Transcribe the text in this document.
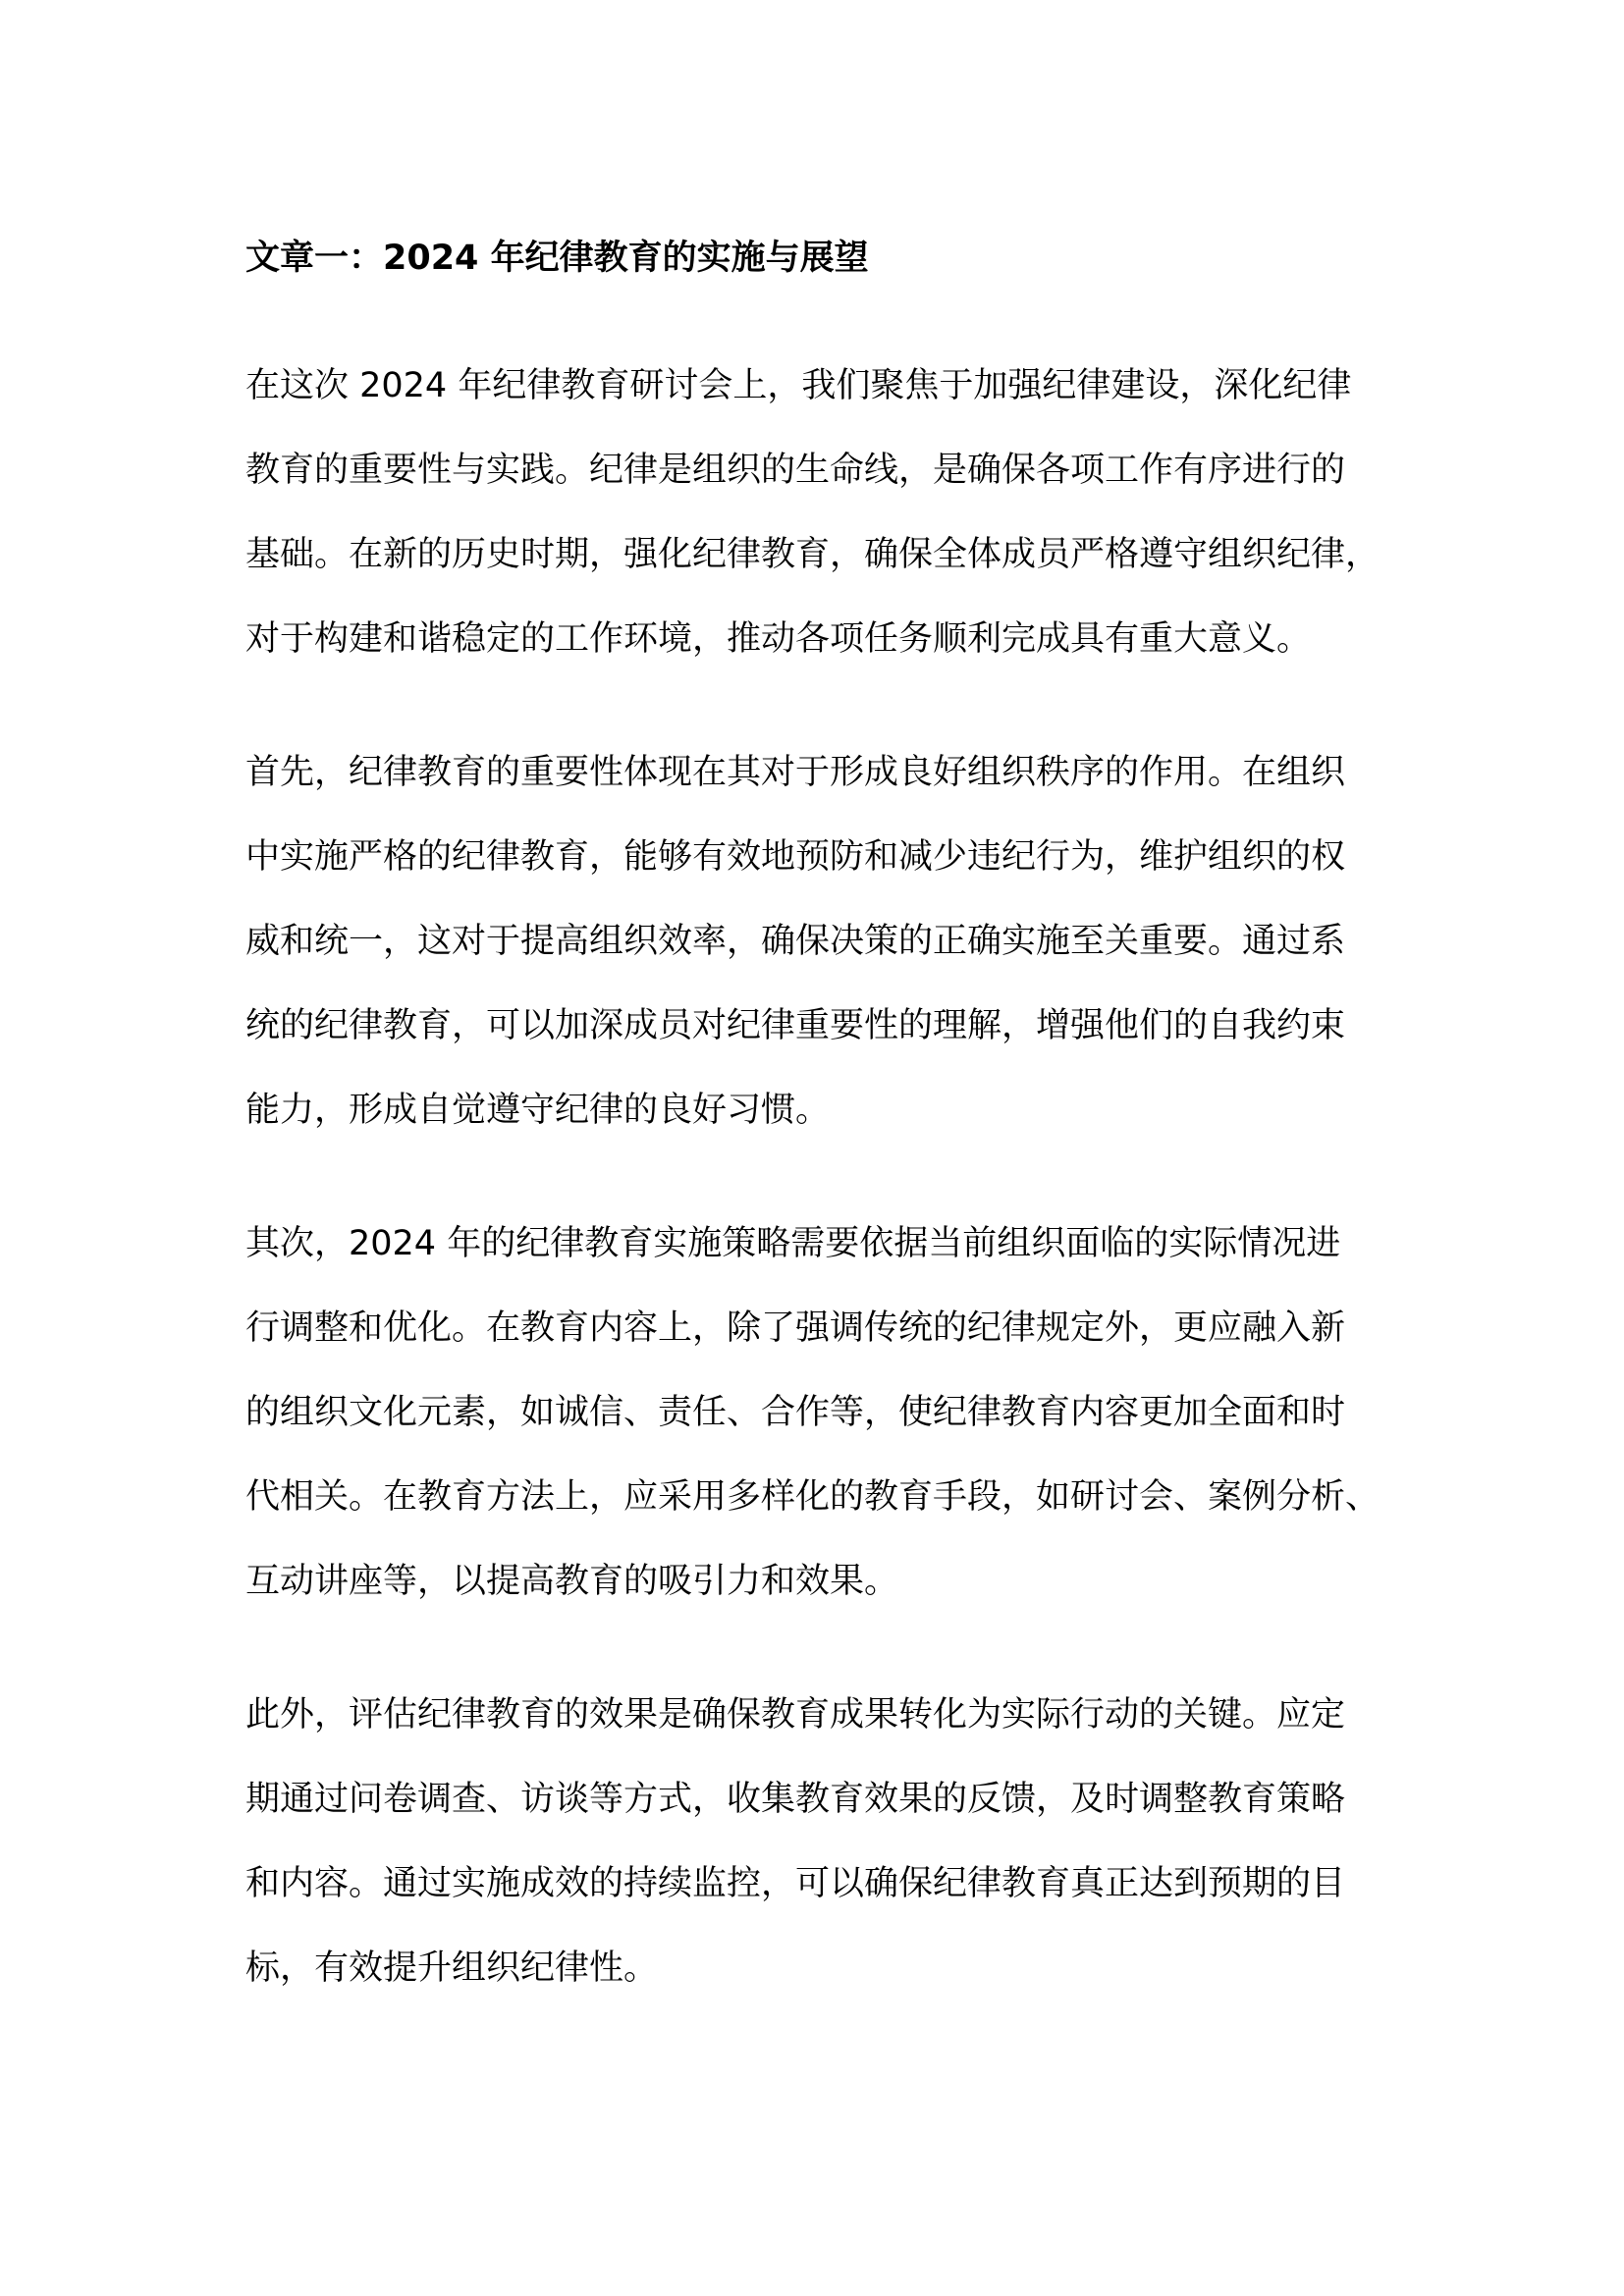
文章一：2024 年纪律教育的实施与展望

在这次 2024 年纪律教育研讨会上，我们聚焦于加强纪律建设，深化纪律
教育的重要性与实践。纪律是组织的生命线，是确保各项工作有序进行的
基础。在新的历史时期，强化纪律教育，确保全体成员严格遵守组织纪律，
对于构建和谐稳定的工作环境，推动各项任务顺利完成具有重大意义。

首先，纪律教育的重要性体现在其对于形成良好组织秩序的作用。在组织
中实施严格的纪律教育，能够有效地预防和减少违纪行为，维护组织的权
威和统一，这对于提高组织效率，确保决策的正确实施至关重要。通过系
统的纪律教育，可以加深成员对纪律重要性的理解，增强他们的自我约束
能力，形成自觉遵守纪律的良好习惯。

其次，2024 年的纪律教育实施策略需要依据当前组织面临的实际情况进
行调整和优化。在教育内容上，除了强调传统的纪律规定外，更应融入新
的组织文化元素，如诚信、责任、合作等，使纪律教育内容更加全面和时
代相关。在教育方法上，应采用多样化的教育手段，如研讨会、案例分析、
互动讲座等，以提高教育的吸引力和效果。

此外，评估纪律教育的效果是确保教育成果转化为实际行动的关键。应定
期通过问卷调查、访谈等方式，收集教育效果的反馈，及时调整教育策略
和内容。通过实施成效的持续监控，可以确保纪律教育真正达到预期的目
标，有效提升组织纪律性。
